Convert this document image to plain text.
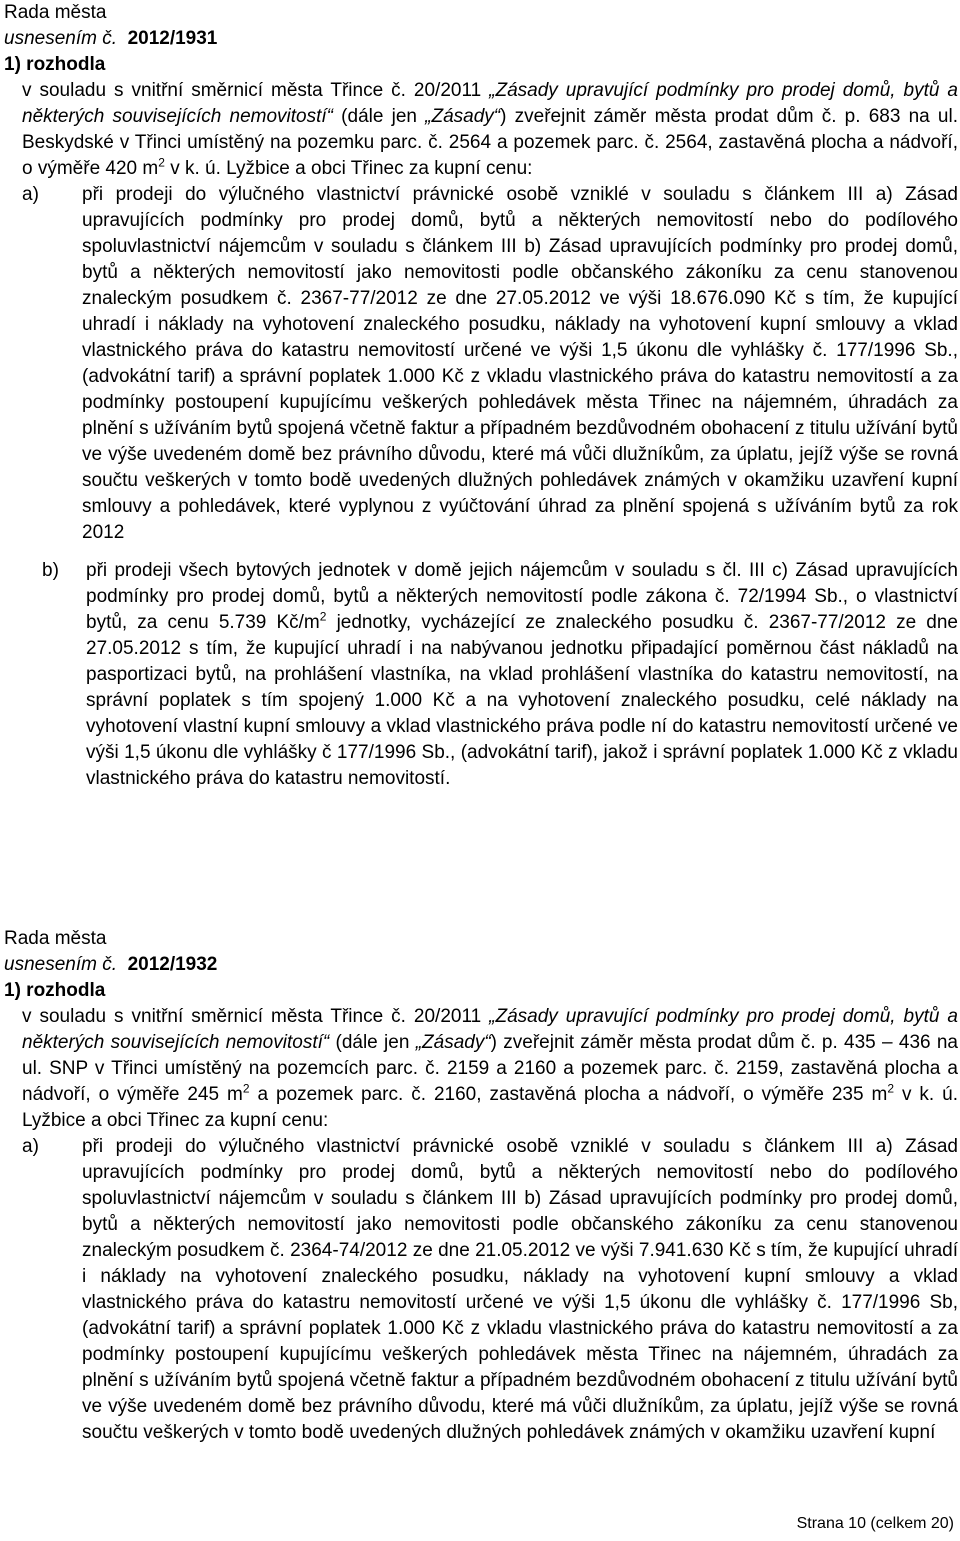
Rada města
usnesením č. 2012/1931
1) rozhodla
v souladu s vnitřní směrnicí města Třince č. 20/2011 „Zásady upravující podmínky pro prodej domů, bytů a některých souvisejících nemovitostí“ (dále jen „Zásady“) zveřejnit záměr města prodat dům č. p. 683 na ul. Beskydské v Třinci umístěný na pozemku parc. č. 2564 a pozemek parc. č. 2564, zastavěná plocha a nádvoří, o výměře 420 $m^2$ v k. ú. Lyžbice a obci Třinec za kupní cenu:
a)	při prodeji do výlučného vlastnictví právnické osobě vzniklé v souladu s článkem III a) Zásad upravujících podmínky pro prodej domů, bytů a některých nemovitostí nebo do podílového spoluvlastnictví nájemcům v souladu s článkem III b) Zásad upravujících podmínky pro prodej domů, bytů a některých nemovitostí jako nemovitosti podle občanského zákoníku za cenu stanovenou znaleckým posudkem č. 2367-77/2012 ze dne 27.05.2012 ve výši 18.676.090 Kč s tím, že kupující uhradí i náklady na vyhotovení znaleckého posudku, náklady na vyhotovení kupní smlouvy a vklad vlastnického práva do katastru nemovitostí určené ve výši 1,5 úkonu dle vyhlášky č. 177/1996 Sb., (advokátní tarif) a správní poplatek 1.000 Kč z vkladu vlastnického práva do katastru nemovitostí a za podmínky postoupení kupujícímu veškerých pohledávek města Třinec na nájemném, úhradách za plnění s užíváním bytů spojená včetně faktur a případném bezdůvodném obohacení z titulu užívání bytů ve výše uvedeném domě bez právního důvodu, které má vůči dlužníkům, za úplatu, jejíž výše se rovná součtu veškerých v tomto bodě uvedených dlužných pohledávek známých v okamžiku uzavření kupní smlouvy a pohledávek, které vyplynou z vyúčtování úhrad za plnění spojená s užíváním bytů za rok 2012
b)	při prodeji všech bytových jednotek v domě jejich nájemcům v souladu s čl. III c) Zásad upravujících podmínky pro prodej domů, bytů a některých nemovitostí podle zákona č. 72/1994 Sb., o vlastnictví bytů, za cenu 5.739 $Kč/m^2$ jednotky, vycházející ze znaleckého posudku č. 2367-77/2012 ze dne 27.05.2012 s tím, že kupující uhradí i na nabývanou jednotku připadající poměrnou část nákladů na pasportizaci bytů, na prohlášení vlastníka, na vklad prohlášení vlastníka do katastru nemovitostí, na správní poplatek s tím spojený 1.000 Kč a na vyhotovení znaleckého posudku, celé náklady na vyhotovení vlastní kupní smlouvy a vklad vlastnického práva podle ní do katastru nemovitostí určené ve výši 1,5 úkonu dle vyhlášky č 177/1996 Sb., (advokátní tarif), jakož i správní poplatek 1.000 Kč z vkladu vlastnického práva do katastru nemovitostí.
Rada města
usnesením č. 2012/1932
1) rozhodla
v souladu s vnitřní směrnicí města Třince č. 20/2011 „Zásady upravující podmínky pro prodej domů, bytů a některých souvisejících nemovitostí“ (dále jen „Zásady“) zveřejnit záměr města prodat dům č. p. 435 – 436 na ul. SNP v Třinci umístěný na pozemcích parc. č. 2159 a 2160 a pozemek parc. č. 2159, zastavěná plocha a nádvoří, o výměře 245 $m^2$ a pozemek parc. č. 2160, zastavěná plocha a nádvoří, o výměře 235 $m^2$ v k. ú. Lyžbice a obci Třinec za kupní cenu:
a)	při prodeji do výlučného vlastnictví právnické osobě vzniklé v souladu s článkem III a) Zásad upravujících podmínky pro prodej domů, bytů a některých nemovitostí nebo do podílového spoluvlastnictví nájemcům v souladu s článkem III b) Zásad upravujících podmínky pro prodej domů, bytů a některých nemovitostí jako nemovitosti podle občanského zákoníku za cenu stanovenou znaleckým posudkem č. 2364-74/2012 ze dne 21.05.2012 ve výši 7.941.630 Kč s tím, že kupující uhradí i náklady na vyhotovení znaleckého posudku, náklady na vyhotovení kupní smlouvy a vklad vlastnického práva do katastru nemovitostí určené ve výši 1,5 úkonu dle vyhlášky č. 177/1996 Sb, (advokátní tarif) a správní poplatek 1.000 Kč z vkladu vlastnického práva do katastru nemovitostí a za podmínky postoupení kupujícímu veškerých pohledávek města Třinec na nájemném, úhradách za plnění s užíváním bytů spojená včetně faktur a případném bezdůvodném obohacení z titulu užívání bytů ve výše uvedeném domě bez právního důvodu, které má vůči dlužníkům, za úplatu, jejíž výše se rovná součtu veškerých v tomto bodě uvedených dlužných pohledávek známých v okamžiku uzavření kupní
Strana 10 (celkem 20)
